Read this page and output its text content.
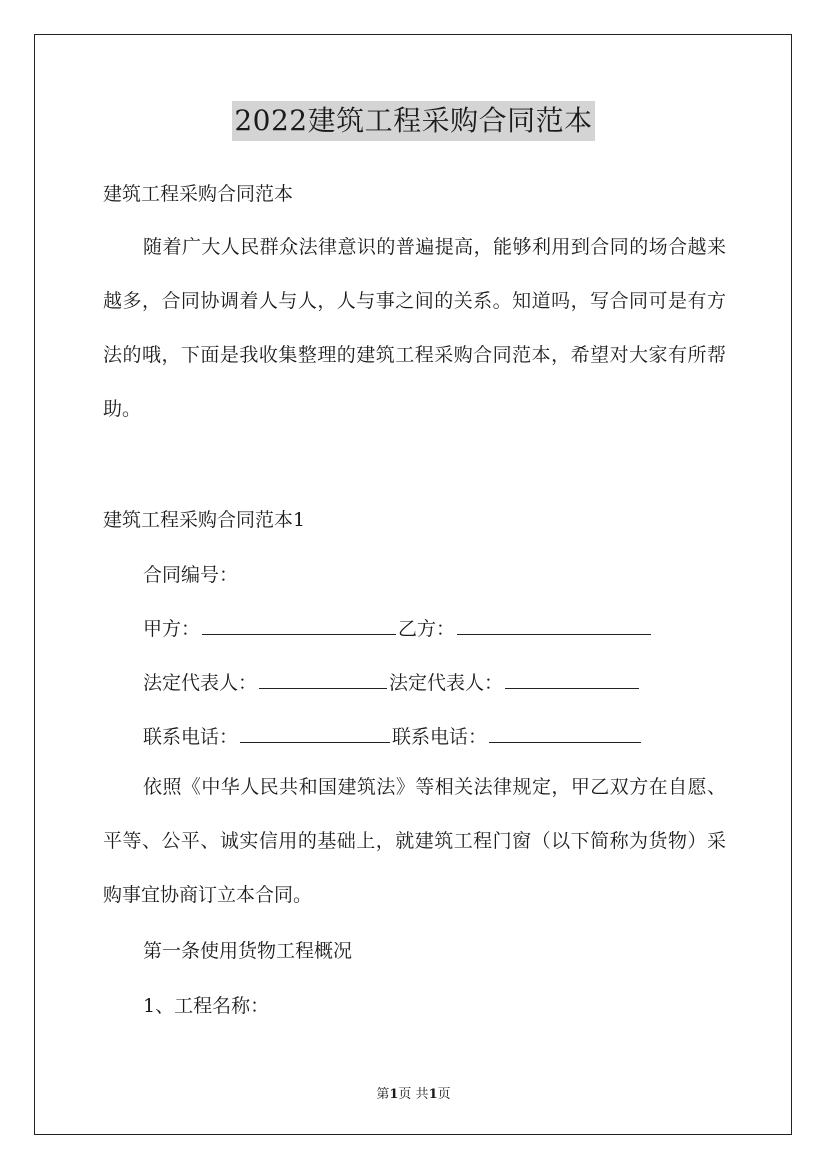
2022建筑工程采购合同范本
建筑工程采购合同范本
随着广大人民群众法律意识的普遍提高，能够利用到合同的场合越来越多，合同协调着人与人，人与事之间的关系。知道吗，写合同可是有方法的哦，下面是我收集整理的建筑工程采购合同范本，希望对大家有所帮助。
建筑工程采购合同范本1
合同编号：
甲方：	乙方：
法定代表人：	法定代表人：
联系电话：	联系电话：
依照《中华人民共和国建筑法》等相关法律规定，甲乙双方在自愿、平等、公平、诚实信用的基础上，就建筑工程门窗（以下简称为货物）采购事宜协商订立本合同。
第一条使用货物工程概况
1、工程名称：
第1页 共1页
